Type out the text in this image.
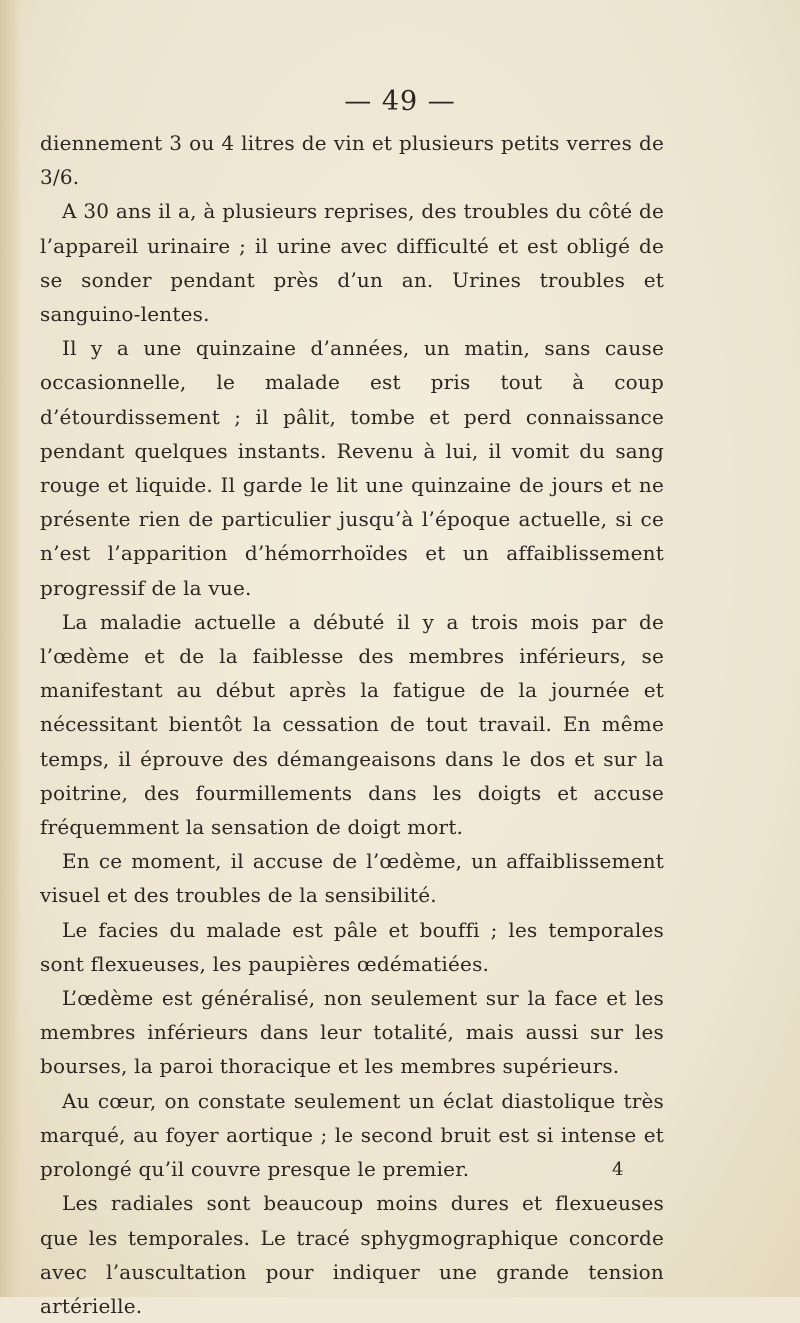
— 49 —

diennement 3 ou 4 litres de vin et plusieurs petits verres de 3/6.

A 30 ans il a, à plusieurs reprises, des troubles du côté de l’appareil urinaire ; il urine avec difficulté et est obligé de se sonder pendant près d’un an. Urines troubles et sanguino-lentes.

Il y a une quinzaine d’années, un matin, sans cause occasionnelle, le malade est pris tout à coup d’étourdissement ; il pâlit, tombe et perd connaissance pendant quelques instants. Revenu à lui, il vomit du sang rouge et liquide. Il garde le lit une quinzaine de jours et ne présente rien de particulier jusqu’à l’époque actuelle, si ce n’est l’apparition d’hémorrhoïdes et un affaiblissement progressif de la vue.

La maladie actuelle a débuté il y a trois mois par de l’œdème et de la faiblesse des membres inférieurs, se manifestant au début après la fatigue de la journée et nécessitant bientôt la cessation de tout travail. En même temps, il éprouve des démangeaisons dans le dos et sur la poitrine, des fourmillements dans les doigts et accuse fréquemment la sensation de doigt mort.

En ce moment, il accuse de l’œdème, un affaiblissement visuel et des troubles de la sensibilité.

Le facies du malade est pâle et bouffi ; les temporales sont flexueuses, les paupières œdématiées.

L’œdème est généralisé, non seulement sur la face et les membres inférieurs dans leur totalité, mais aussi sur les bourses, la paroi thoracique et les membres supérieurs.

Au cœur, on constate seulement un éclat diastolique très marqué, au foyer aortique ; le second bruit est si intense et prolongé qu’il couvre presque le premier.

Les radiales sont beaucoup moins dures et flexueuses que les temporales. Le tracé sphygmographique concorde avec l’auscultation pour indiquer une grande tension artérielle.

4
